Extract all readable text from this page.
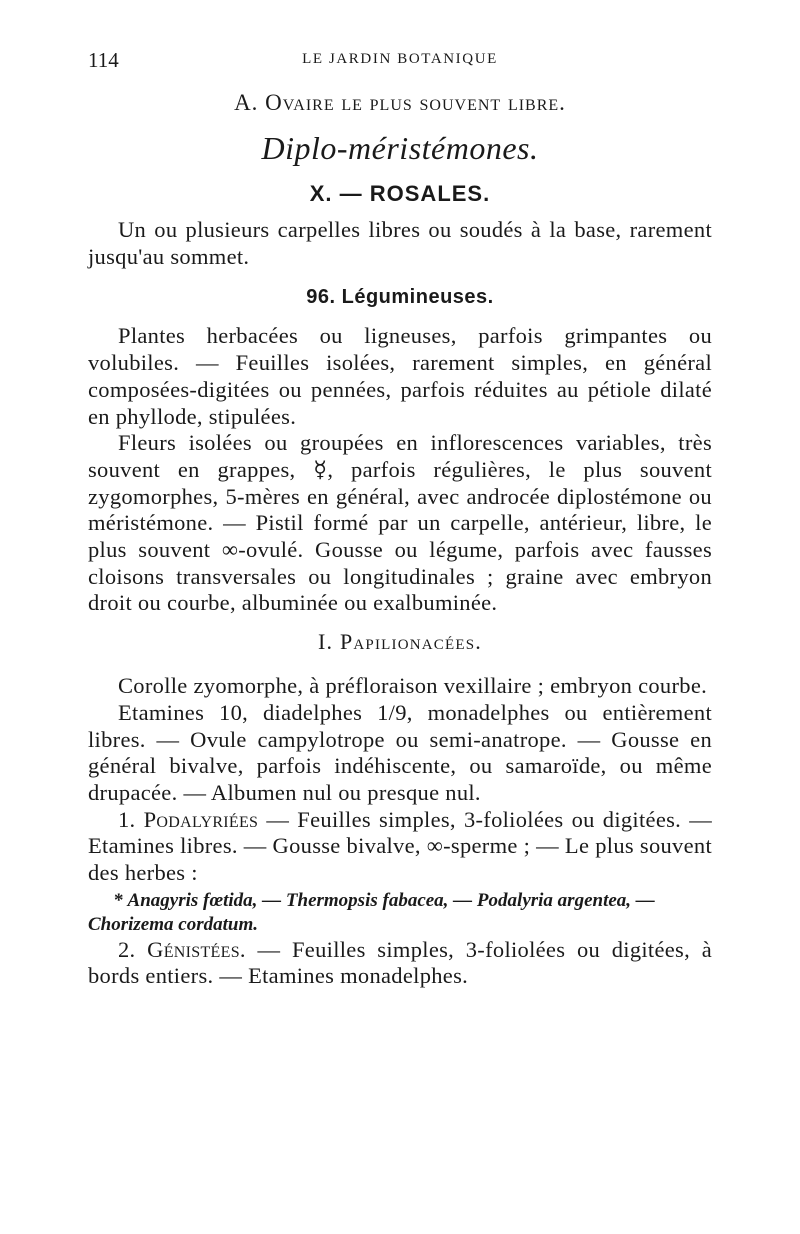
114	LE JARDIN BOTANIQUE
A. Ovaire le plus souvent libre.
Diplo-méristémones.
X. — ROSALES.

Un ou plusieurs carpelles libres ou soudés à la base, rarement jusqu'au sommet.

96. Légumineuses.

Plantes herbacées ou ligneuses, parfois grimpantes ou volubiles. — Feuilles isolées, rarement simples, en général composées-digitées ou pennées, parfois réduites au pétiole dilaté en phyllode, stipulées.

Fleurs isolées ou groupées en inflorescences variables, très souvent en grappes, ☿, parfois régulières, le plus souvent zygomorphes, 5-mères en général, avec androcée diplostémone ou méristémone. — Pistil formé par un carpelle, antérieur, libre, le plus souvent ∞-ovulé. Gousse ou légume, parfois avec fausses cloisons transversales ou longitudinales ; graine avec embryon droit ou courbe, albuminée ou exalbuminée.

I. Papilionacées.

Corolle zyomorphe, à préfloraison vexillaire ; embryon courbe.

Etamines 10, diadelphes 1/9, monadelphes ou entièrement libres. — Ovule campylotrope ou semi-anatrope. — Gousse en général bivalve, parfois indéhiscente, ou samaroïde, ou même drupacée. — Albumen nul ou presque nul.

1. Podalyriées — Feuilles simples, 3-foliolées ou digitées. — Etamines libres. — Gousse bivalve, ∞-sperme ; — Le plus souvent des herbes :

* Anagyris fœtida, — Thermopsis fabacea, — Podalyria argentea, — Chorizema cordatum.

2. Génistées. — Feuilles simples, 3-foliolées ou digitées, à bords entiers. — Etamines monadelphes.
